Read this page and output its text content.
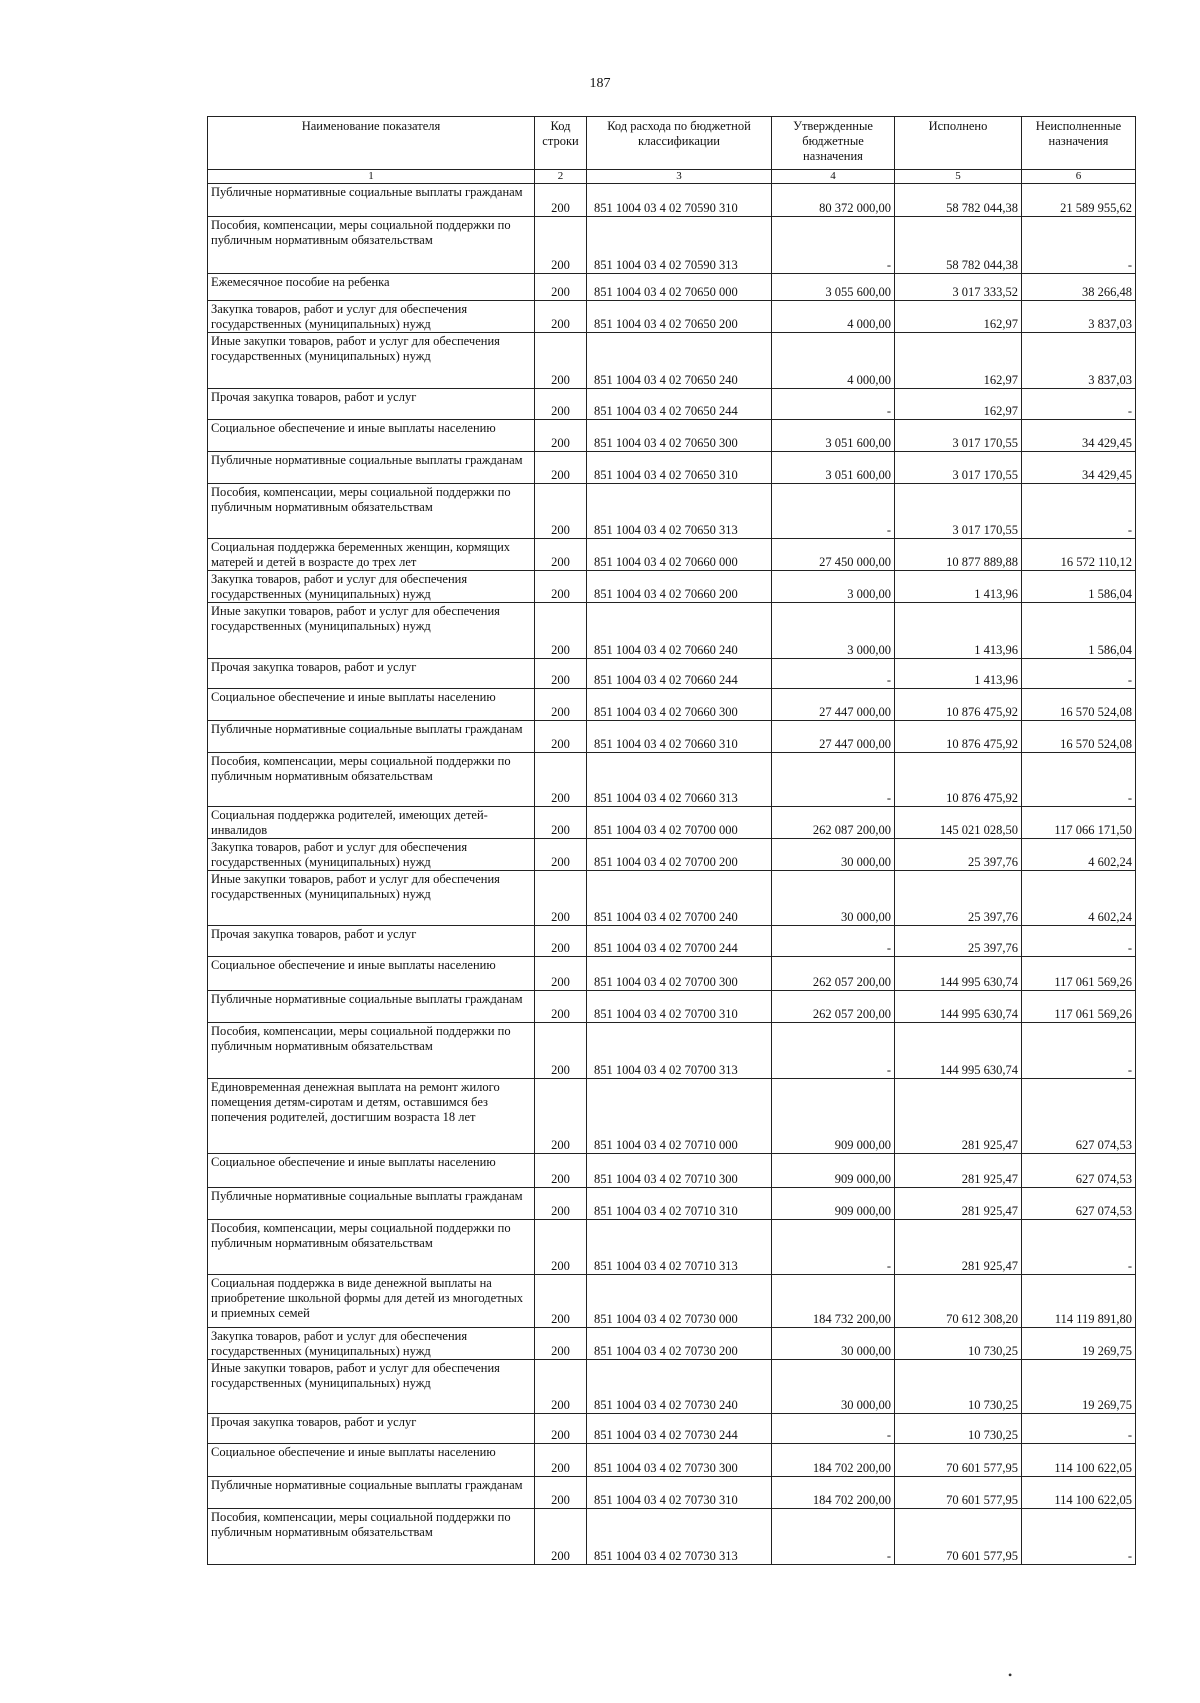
187
Наименование показателя	Код строки	Код расхода по бюджетной классификации	Утвержденные бюджетные назначения	Исполнено	Неисполненные назначения
1	2	3	4	5	6
Публичные нормативные социальные выплаты гражданам	200	851 1004 03 4 02 70590 310	80 372 000,00	58 782 044,38	21 589 955,62
Пособия, компенсации, меры социальной поддержки по публичным нормативным обязательствам	200	851 1004 03 4 02 70590 313	-	58 782 044,38	-
Ежемесячное пособие на ребенка	200	851 1004 03 4 02 70650 000	3 055 600,00	3 017 333,52	38 266,48
Закупка товаров, работ и услуг для обеспечения государственных (муниципальных) нужд	200	851 1004 03 4 02 70650 200	4 000,00	162,97	3 837,03
Иные закупки товаров, работ и услуг для обеспечения государственных (муниципальных) нужд	200	851 1004 03 4 02 70650 240	4 000,00	162,97	3 837,03
Прочая закупка товаров, работ и услуг	200	851 1004 03 4 02 70650 244	-	162,97	-
Социальное обеспечение и иные выплаты населению	200	851 1004 03 4 02 70650 300	3 051 600,00	3 017 170,55	34 429,45
Публичные нормативные социальные выплаты гражданам	200	851 1004 03 4 02 70650 310	3 051 600,00	3 017 170,55	34 429,45
Пособия, компенсации, меры социальной поддержки по публичным нормативным обязательствам	200	851 1004 03 4 02 70650 313	-	3 017 170,55	-
Социальная поддержка беременных женщин, кормящих матерей и детей в возрасте до трех лет	200	851 1004 03 4 02 70660 000	27 450 000,00	10 877 889,88	16 572 110,12
Закупка товаров, работ и услуг для обеспечения государственных (муниципальных) нужд	200	851 1004 03 4 02 70660 200	3 000,00	1 413,96	1 586,04
Иные закупки товаров, работ и услуг для обеспечения государственных (муниципальных) нужд	200	851 1004 03 4 02 70660 240	3 000,00	1 413,96	1 586,04
Прочая закупка товаров, работ и услуг	200	851 1004 03 4 02 70660 244	-	1 413,96	-
Социальное обеспечение и иные выплаты населению	200	851 1004 03 4 02 70660 300	27 447 000,00	10 876 475,92	16 570 524,08
Публичные нормативные социальные выплаты гражданам	200	851 1004 03 4 02 70660 310	27 447 000,00	10 876 475,92	16 570 524,08
Пособия, компенсации, меры социальной поддержки по публичным нормативным обязательствам	200	851 1004 03 4 02 70660 313	-	10 876 475,92	-
Социальная поддержка родителей, имеющих детей-инвалидов	200	851 1004 03 4 02 70700 000	262 087 200,00	145 021 028,50	117 066 171,50
Закупка товаров, работ и услуг для обеспечения государственных (муниципальных) нужд	200	851 1004 03 4 02 70700 200	30 000,00	25 397,76	4 602,24
Иные закупки товаров, работ и услуг для обеспечения государственных (муниципальных) нужд	200	851 1004 03 4 02 70700 240	30 000,00	25 397,76	4 602,24
Прочая закупка товаров, работ и услуг	200	851 1004 03 4 02 70700 244	-	25 397,76	-
Социальное обеспечение и иные выплаты населению	200	851 1004 03 4 02 70700 300	262 057 200,00	144 995 630,74	117 061 569,26
Публичные нормативные социальные выплаты гражданам	200	851 1004 03 4 02 70700 310	262 057 200,00	144 995 630,74	117 061 569,26
Пособия, компенсации, меры социальной поддержки по публичным нормативным обязательствам	200	851 1004 03 4 02 70700 313	-	144 995 630,74	-
Единовременная денежная выплата на ремонт жилого помещения детям-сиротам и детям, оставшимся без попечения родителей, достигшим возраста 18 лет	200	851 1004 03 4 02 70710 000	909 000,00	281 925,47	627 074,53
Социальное обеспечение и иные выплаты населению	200	851 1004 03 4 02 70710 300	909 000,00	281 925,47	627 074,53
Публичные нормативные социальные выплаты гражданам	200	851 1004 03 4 02 70710 310	909 000,00	281 925,47	627 074,53
Пособия, компенсации, меры социальной поддержки по публичным нормативным обязательствам	200	851 1004 03 4 02 70710 313	-	281 925,47	-
Социальная поддержка в виде денежной выплаты на приобретение школьной формы для детей из многодетных и приемных семей	200	851 1004 03 4 02 70730 000	184 732 200,00	70 612 308,20	114 119 891,80
Закупка товаров, работ и услуг для обеспечения государственных (муниципальных) нужд	200	851 1004 03 4 02 70730 200	30 000,00	10 730,25	19 269,75
Иные закупки товаров, работ и услуг для обеспечения государственных (муниципальных) нужд	200	851 1004 03 4 02 70730 240	30 000,00	10 730,25	19 269,75
Прочая закупка товаров, работ и услуг	200	851 1004 03 4 02 70730 244	-	10 730,25	-
Социальное обеспечение и иные выплаты населению	200	851 1004 03 4 02 70730 300	184 702 200,00	70 601 577,95	114 100 622,05
Публичные нормативные социальные выплаты гражданам	200	851 1004 03 4 02 70730 310	184 702 200,00	70 601 577,95	114 100 622,05
Пособия, компенсации, меры социальной поддержки по публичным нормативным обязательствам	200	851 1004 03 4 02 70730 313	-	70 601 577,95	-
•
